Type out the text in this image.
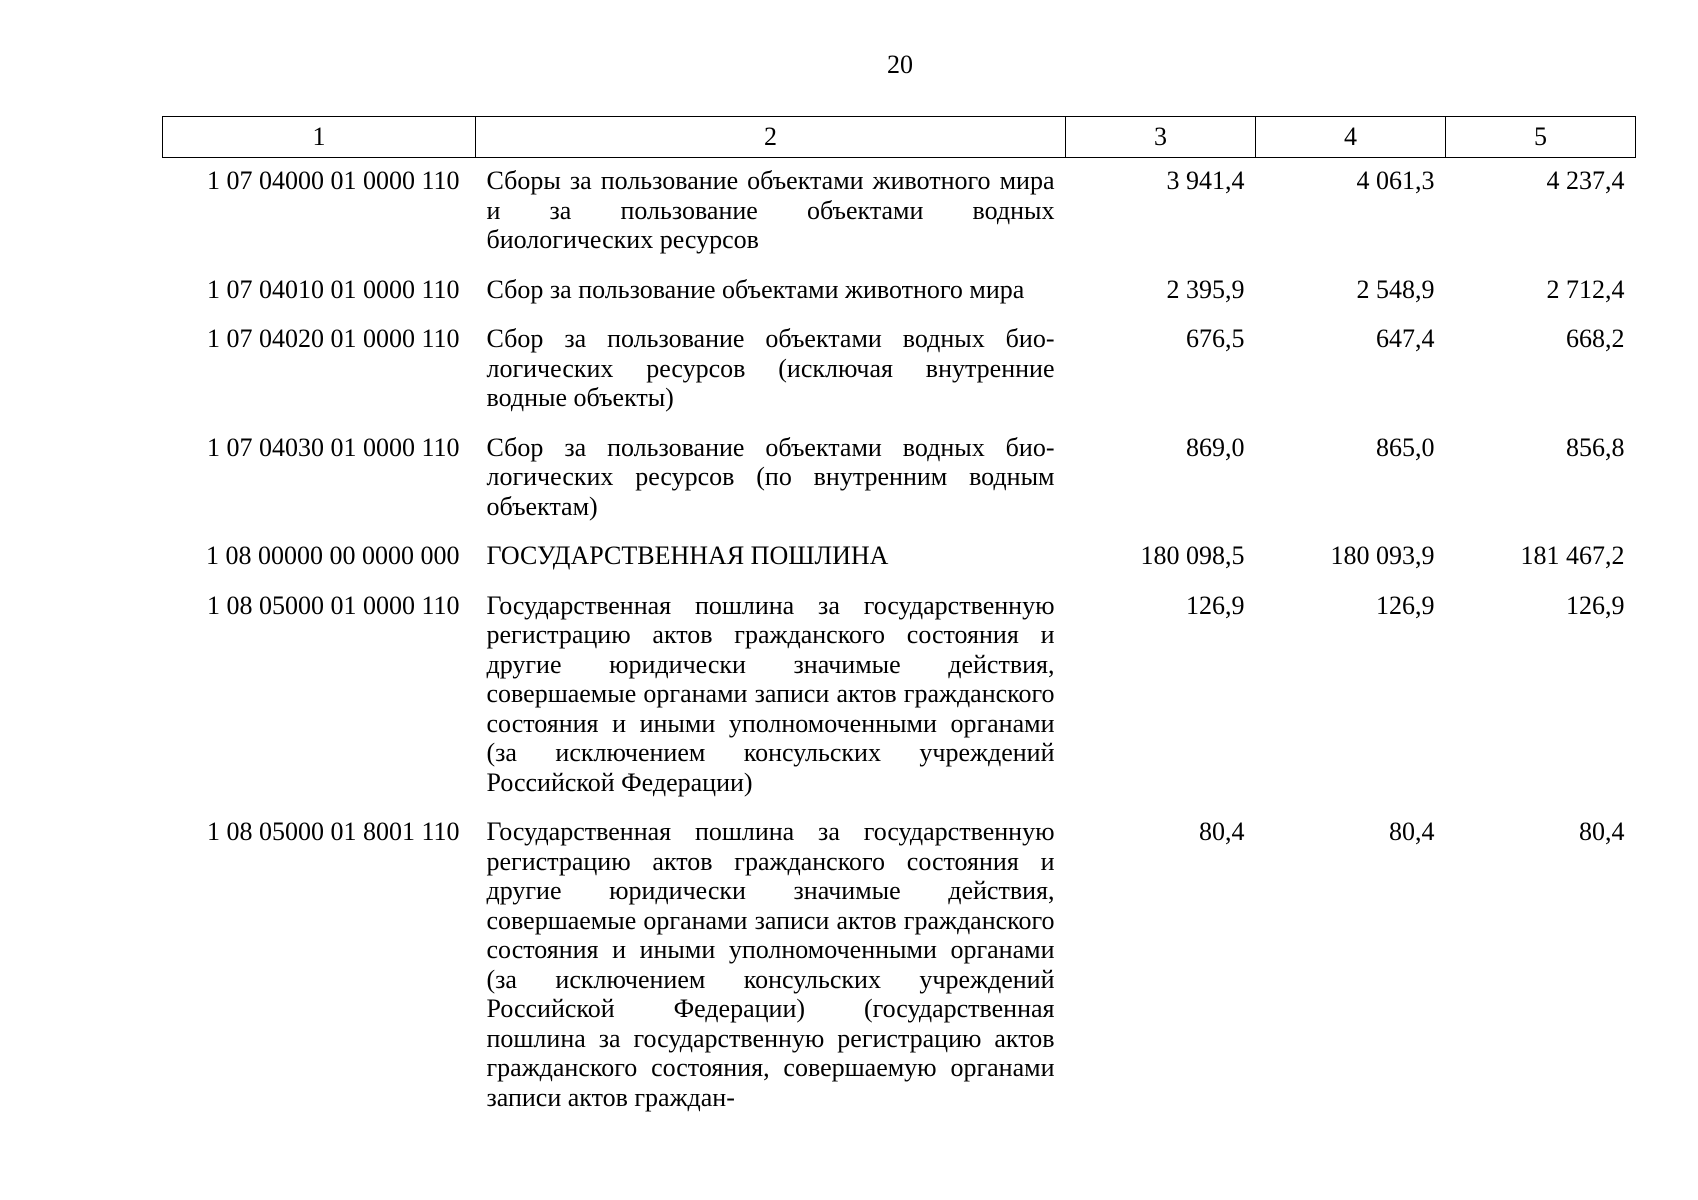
20
1	2	3	4	5
1 07 04000 01 0000 110	Сборы за пользование объектами животного мира и за пользование объектами водных биологических ресурсов	3 941,4	4 061,3	4 237,4
1 07 04010 01 0000 110	Сбор за пользование объектами животного мира	2 395,9	2 548,9	2 712,4
1 07 04020 01 0000 110	Сбор за пользование объектами водных биологических ресурсов (исключая внутренние водные объекты)	676,5	647,4	668,2
1 07 04030 01 0000 110	Сбор за пользование объектами водных биологических ресурсов (по внутренним водным объектам)	869,0	865,0	856,8
1 08 00000 00 0000 000	ГОСУДАРСТВЕННАЯ ПОШЛИНА	180 098,5	180 093,9	181 467,2
1 08 05000 01 0000 110	Государственная пошлина за государственную регистрацию актов гражданского состояния и другие юридически значимые действия, совершаемые органами записи актов гражданского состояния и иными уполномоченными органами (за исключением консульских учреждений Российской Федерации)	126,9	126,9	126,9
1 08 05000 01 8001 110	Государственная пошлина за государственную регистрацию актов гражданского состояния и другие юридически значимые действия, совершаемые органами записи актов гражданского состояния и иными уполномоченными органами (за исключением консульских учреждений Российской Федерации) (государственная пошлина за государственную регистрацию актов гражданского состояния, совершаемую органами записи актов граждан-	80,4	80,4	80,4
